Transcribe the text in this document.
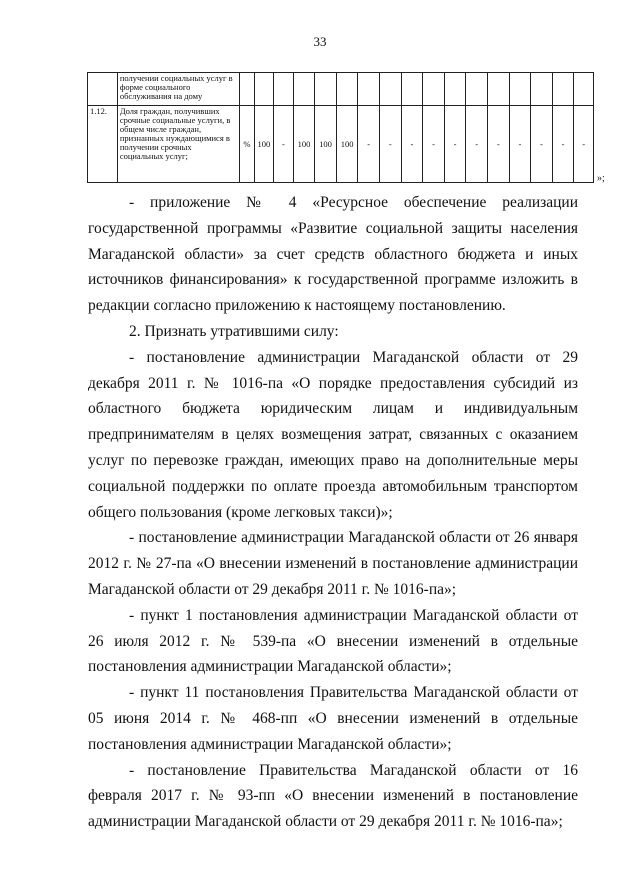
33
	получении социальных услуг в форме социального обслуживания на дому																	
1.12.	Доля граждан, получивших срочные социальные услуги, в общем числе граждан, признанных нуждающимися в получении срочных социальных услуг;	%	100	-	100	100	100	-	-	-	-	-	-	-	-	-	-	-
»;

- приложение № 4 «Ресурсное обеспечение реализации государственной программы «Развитие социальной защиты населения Магаданской области» за счет средств областного бюджета и иных источников финансирования» к государственной программе изложить в редакции согласно приложению к настоящему постановлению.

2. Признать утратившими силу:

- постановление администрации Магаданской области от 29 декабря 2011 г. № 1016-па «О порядке предоставления субсидий из областного бюджета юридическим лицам и индивидуальным предпринимателям в целях возмещения затрат, связанных с оказанием услуг по перевозке граждан, имеющих право на дополнительные меры социальной поддержки по оплате проезда автомобильным транспортом общего пользования (кроме легковых такси)»;

- постановление администрации Магаданской области от 26 января 2012 г. № 27-па «О внесении изменений в постановление администрации Магаданской области от 29 декабря 2011 г. № 1016-па»;

- пункт 1 постановления администрации Магаданской области от 26 июля 2012 г. № 539-па «О внесении изменений в отдельные постановления администрации Магаданской области»;

- пункт 11 постановления Правительства Магаданской области от 05 июня 2014 г. № 468-пп «О внесении изменений в отдельные постановления администрации Магаданской области»;

- постановление Правительства Магаданской области от 16 февраля 2017 г. № 93-пп «О внесении изменений в постановление администрации Магаданской области от 29 декабря 2011 г. № 1016-па»;
